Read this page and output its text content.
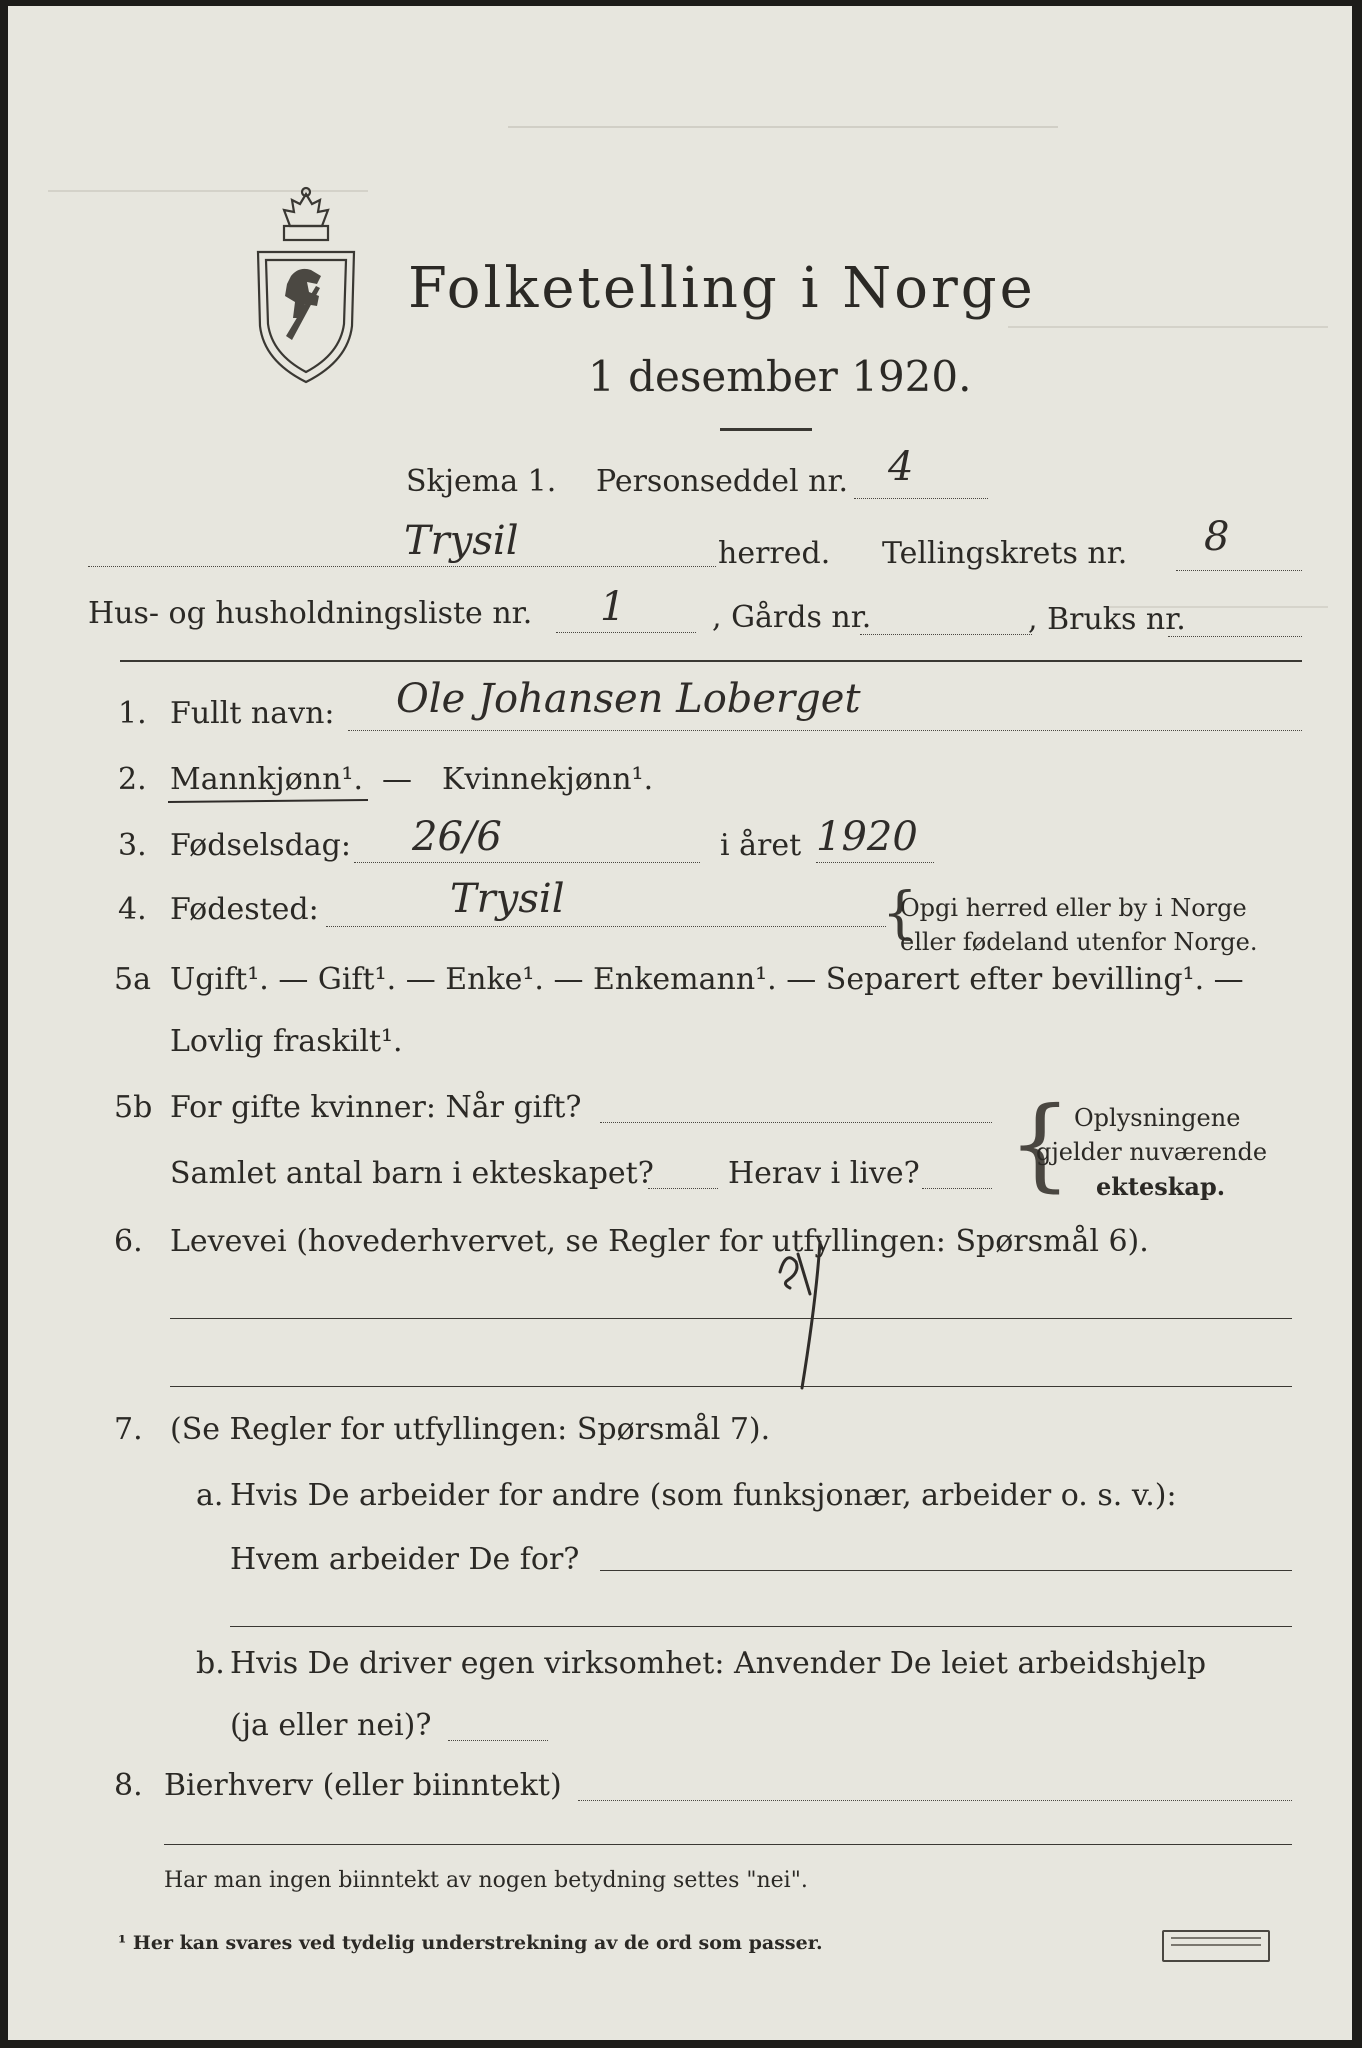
Folketelling i Norge
1 desember 1920.
Skjema 1. Personseddel nr. 4
Trysil	herred. Tellingskrets nr. 8
Hus- og husholdningsliste nr. 1	, Gårds nr.	, Bruks nr.
1. Fullt navn: Ole Johansen Loberget
2. Mannkjønn¹. — Kvinnekjønn¹.
3. Fødselsdag: 26/6	i året 1920
4. Fødested:	Trysil	{
Opgi herred eller by i Norge
eller fødeland utenfor Norge.
5a Ugift¹. — Gift¹. — Enke¹. — Enkemann¹. — Separert efter bevilling¹. —
Lovlig fraskilt¹.
5b For gifte kvinner: Når gift?
Samlet antal barn i ekteskapet? Herav i live? { Oplysningene
gjelder nuværende
ekteskap.
6. Levevei (hovederhvervet, se Regler for utfyllingen: Spørsmål 6).
7. (Se Regler for utfyllingen: Spørsmål 7).
a. Hvis De arbeider for andre (som funksjonær, arbeider o. s. v.):
Hvem arbeider De for?
b. Hvis De driver egen virksomhet: Anvender De leiet arbeidshjelp
(ja eller nei)?
8. Bierhverv (eller biinntekt)
Har man ingen biinntekt av nogen betydning settes "nei".
¹ Her kan svares ved tydelig understrekning av de ord som passer.
